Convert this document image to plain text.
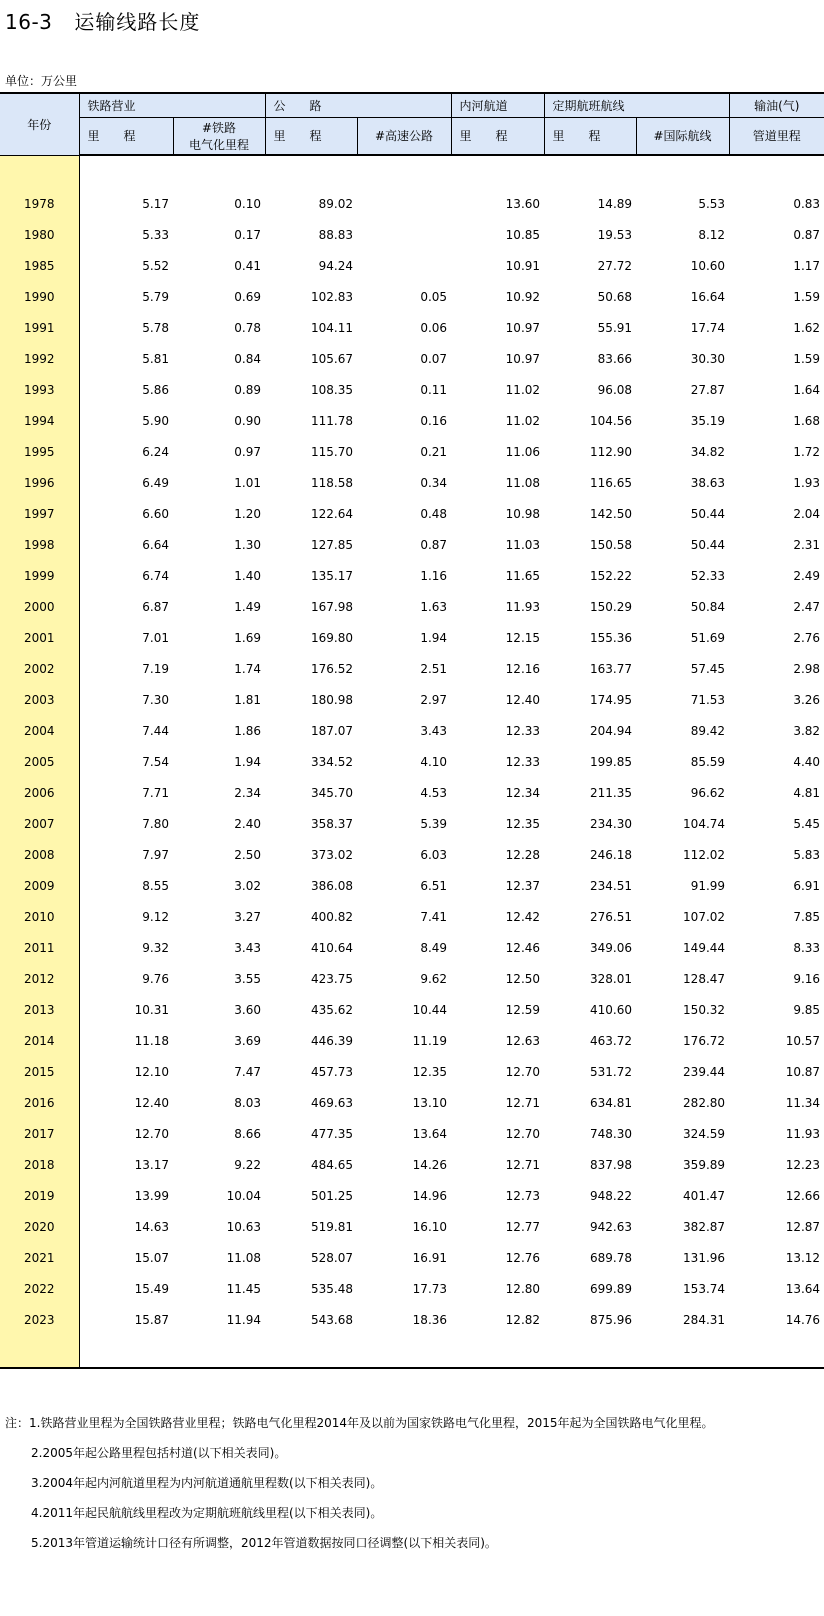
16-3 运输线路长度
单位：万公里
年份	铁路营业		公路		内河航道	定期航班航线		输油(气)
	里程	#铁路
电气化里程	里程	#高速公路	里程	里程	#国际航线	管道里程

1978	5.17	0.10	89.02		13.60	14.89	5.53	0.83
1980	5.33	0.17	88.83		10.85	19.53	8.12	0.87
1985	5.52	0.41	94.24		10.91	27.72	10.60	1.17
1990	5.79	0.69	102.83	0.05	10.92	50.68	16.64	1.59
1991	5.78	0.78	104.11	0.06	10.97	55.91	17.74	1.62
1992	5.81	0.84	105.67	0.07	10.97	83.66	30.30	1.59
1993	5.86	0.89	108.35	0.11	11.02	96.08	27.87	1.64
1994	5.90	0.90	111.78	0.16	11.02	104.56	35.19	1.68
1995	6.24	0.97	115.70	0.21	11.06	112.90	34.82	1.72
1996	6.49	1.01	118.58	0.34	11.08	116.65	38.63	1.93
1997	6.60	1.20	122.64	0.48	10.98	142.50	50.44	2.04
1998	6.64	1.30	127.85	0.87	11.03	150.58	50.44	2.31
1999	6.74	1.40	135.17	1.16	11.65	152.22	52.33	2.49
2000	6.87	1.49	167.98	1.63	11.93	150.29	50.84	2.47
2001	7.01	1.69	169.80	1.94	12.15	155.36	51.69	2.76
2002	7.19	1.74	176.52	2.51	12.16	163.77	57.45	2.98
2003	7.30	1.81	180.98	2.97	12.40	174.95	71.53	3.26
2004	7.44	1.86	187.07	3.43	12.33	204.94	89.42	3.82
2005	7.54	1.94	334.52	4.10	12.33	199.85	85.59	4.40
2006	7.71	2.34	345.70	4.53	12.34	211.35	96.62	4.81
2007	7.80	2.40	358.37	5.39	12.35	234.30	104.74	5.45
2008	7.97	2.50	373.02	6.03	12.28	246.18	112.02	5.83
2009	8.55	3.02	386.08	6.51	12.37	234.51	91.99	6.91
2010	9.12	3.27	400.82	7.41	12.42	276.51	107.02	7.85
2011	9.32	3.43	410.64	8.49	12.46	349.06	149.44	8.33
2012	9.76	3.55	423.75	9.62	12.50	328.01	128.47	9.16
2013	10.31	3.60	435.62	10.44	12.59	410.60	150.32	9.85
2014	11.18	3.69	446.39	11.19	12.63	463.72	176.72	10.57
2015	12.10	7.47	457.73	12.35	12.70	531.72	239.44	10.87
2016	12.40	8.03	469.63	13.10	12.71	634.81	282.80	11.34
2017	12.70	8.66	477.35	13.64	12.70	748.30	324.59	11.93
2018	13.17	9.22	484.65	14.26	12.71	837.98	359.89	12.23
2019	13.99	10.04	501.25	14.96	12.73	948.22	401.47	12.66
2020	14.63	10.63	519.81	16.10	12.77	942.63	382.87	12.87
2021	15.07	11.08	528.07	16.91	12.76	689.78	131.96	13.12
2022	15.49	11.45	535.48	17.73	12.80	699.89	153.74	13.64
2023	15.87	11.94	543.68	18.36	12.82	875.96	284.31	14.76

注：1.铁路营业里程为全国铁路营业里程；铁路电气化里程2014年及以前为国家铁路电气化里程，2015年起为全国铁路电气化里程。
2.2005年起公路里程包括村道(以下相关表同)。
3.2004年起内河航道里程为内河航道通航里程数(以下相关表同)。
4.2011年起民航航线里程改为定期航班航线里程(以下相关表同)。
5.2013年管道运输统计口径有所调整，2012年管道数据按同口径调整(以下相关表同)。
